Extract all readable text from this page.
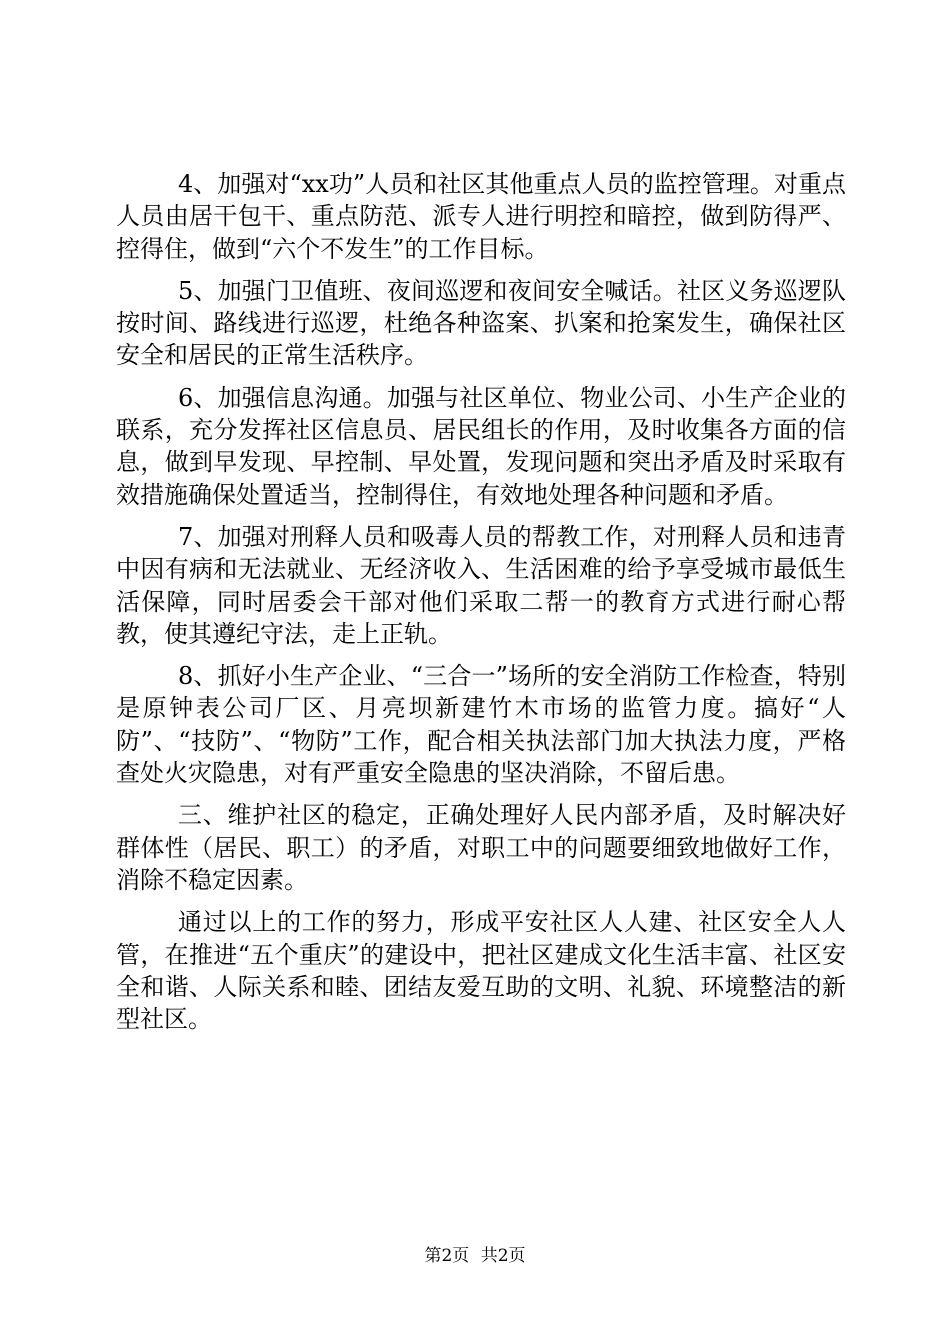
4、加强对“xx功”人员和社区其他重点人员的监控管理。对重点人员由居干包干、重点防范、派专人进行明控和暗控，做到防得严、控得住，做到“六个不发生”的工作目标。

5、加强门卫值班、夜间巡逻和夜间安全喊话。社区义务巡逻队按时间、路线进行巡逻，杜绝各种盗案、扒案和抢案发生，确保社区安全和居民的正常生活秩序。

6、加强信息沟通。加强与社区单位、物业公司、小生产企业的联系，充分发挥社区信息员、居民组长的作用，及时收集各方面的信息，做到早发现、早控制、早处置，发现问题和突出矛盾及时采取有效措施确保处置适当，控制得住，有效地处理各种问题和矛盾。

7、加强对刑释人员和吸毒人员的帮教工作，对刑释人员和违青中因有病和无法就业、无经济收入、生活困难的给予享受城市最低生活保障，同时居委会干部对他们采取二帮一的教育方式进行耐心帮教，使其遵纪守法，走上正轨。

8、抓好小生产企业、“三合一”场所的安全消防工作检查，特别是原钟表公司厂区、月亮坝新建竹木市场的监管力度。搞好“人防”、“技防”、“物防”工作，配合相关执法部门加大执法力度，严格查处火灾隐患，对有严重安全隐患的坚决消除，不留后患。

三、维护社区的稳定，正确处理好人民内部矛盾，及时解决好群体性（居民、职工）的矛盾，对职工中的问题要细致地做好工作，消除不稳定因素。

通过以上的工作的努力，形成平安社区人人建、社区安全人人管，在推进“五个重庆”的建设中，把社区建成文化生活丰富、社区安全和谐、人际关系和睦、团结友爱互助的文明、礼貌、环境整洁的新型社区。

第2页 共2页
